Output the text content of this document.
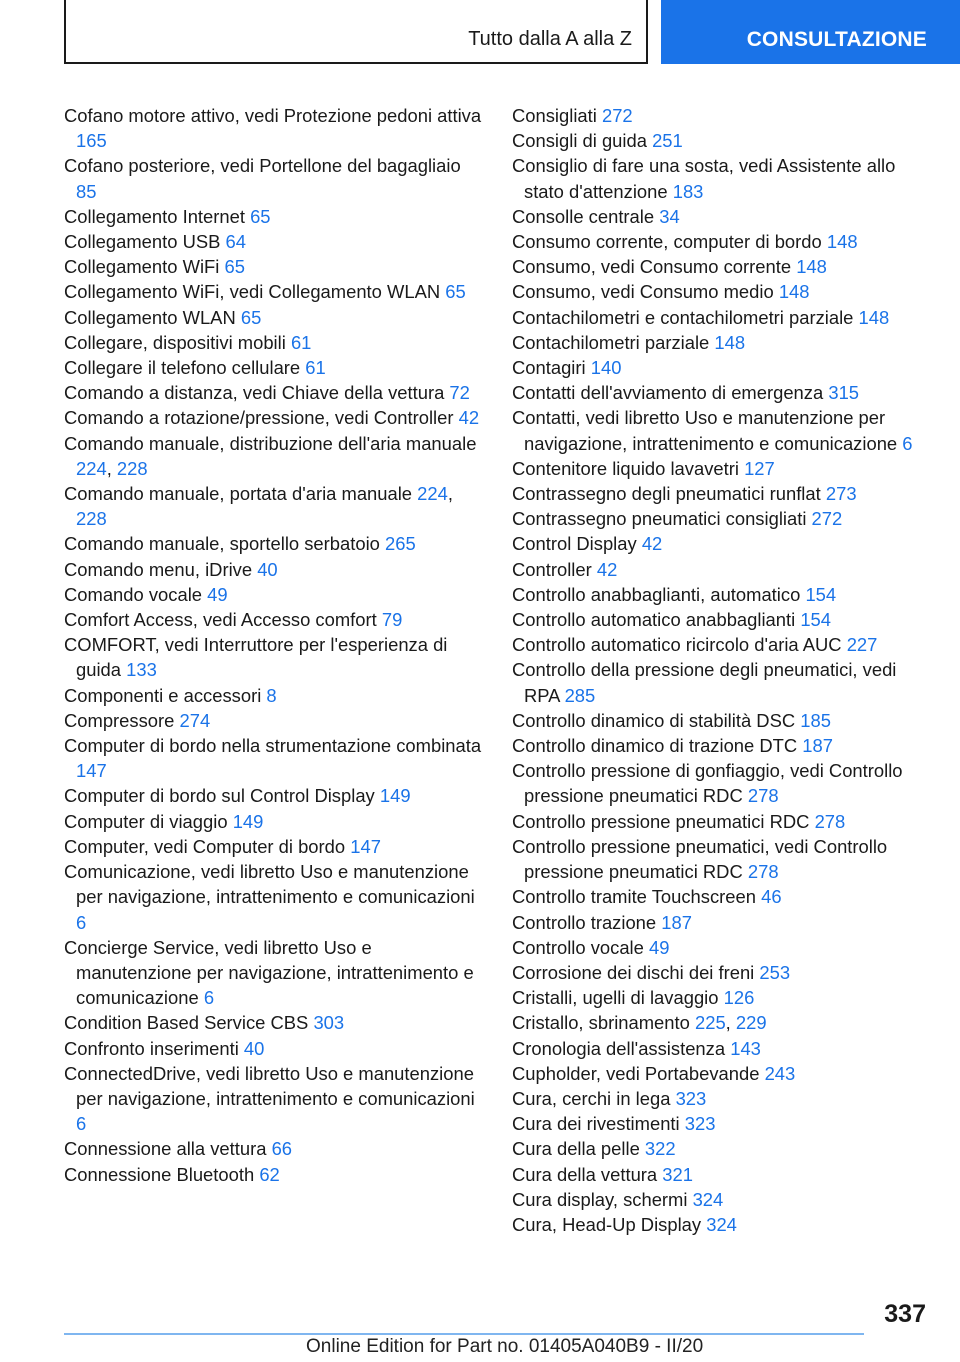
Tutto dalla A alla Z	CONSULTAZIONE
Cofano motore attivo, vedi Protezione pedoni attiva 165
Cofano posteriore, vedi Portellone del bagagliaio 85
Collegamento Internet 65
Collegamento USB 64
Collegamento WiFi 65
Collegamento WiFi, vedi Collegamento WLAN 65
Collegamento WLAN 65
Collegare, dispositivi mobili 61
Collegare il telefono cellulare 61
Comando a distanza, vedi Chiave della vettura 72
Comando a rotazione/pressione, vedi Controller 42
Comando manuale, distribuzione dell'aria manuale 224, 228
Comando manuale, portata d'aria manuale 224, 228
Comando manuale, sportello serbatoio 265
Comando menu, iDrive 40
Comando vocale 49
Comfort Access, vedi Accesso comfort 79
COMFORT, vedi Interruttore per l'esperienza di guida 133
Componenti e accessori 8
Compressore 274
Computer di bordo nella strumentazione combinata 147
Computer di bordo sul Control Display 149
Computer di viaggio 149
Computer, vedi Computer di bordo 147
Comunicazione, vedi libretto Uso e manutenzione per navigazione, intrattenimento e comunicazioni 6
Concierge Service, vedi libretto Uso e manutenzione per navigazione, intrattenimento e comunicazione 6
Condition Based Service CBS 303
Confronto inserimenti 40
ConnectedDrive, vedi libretto Uso e manutenzione per navigazione, intrattenimento e comunicazioni 6
Connessione alla vettura 66
Connessione Bluetooth 62
Consigliati 272
Consigli di guida 251
Consiglio di fare una sosta, vedi Assistente allo stato d'attenzione 183
Consolle centrale 34
Consumo corrente, computer di bordo 148
Consumo, vedi Consumo corrente 148
Consumo, vedi Consumo medio 148
Contachilometri e contachilometri parziale 148
Contachilometri parziale 148
Contagiri 140
Contatti dell'avviamento di emergenza 315
Contatti, vedi libretto Uso e manutenzione per navigazione, intrattenimento e comunicazione 6
Contenitore liquido lavavetri 127
Contrassegno degli pneumatici runflat 273
Contrassegno pneumatici consigliati 272
Control Display 42
Controller 42
Controllo anabbaglianti, automatico 154
Controllo automatico anabbaglianti 154
Controllo automatico ricircolo d'aria AUC 227
Controllo della pressione degli pneumatici, vedi RPA 285
Controllo dinamico di stabilità DSC 185
Controllo dinamico di trazione DTC 187
Controllo pressione di gonfiaggio, vedi Controllo pressione pneumatici RDC 278
Controllo pressione pneumatici RDC 278
Controllo pressione pneumatici, vedi Controllo pressione pneumatici RDC 278
Controllo tramite Touchscreen 46
Controllo trazione 187
Controllo vocale 49
Corrosione dei dischi dei freni 253
Cristalli, ugelli di lavaggio 126
Cristallo, sbrinamento 225, 229
Cronologia dell'assistenza 143
Cupholder, vedi Portabevande 243
Cura, cerchi in lega 323
Cura dei rivestimenti 323
Cura della pelle 322
Cura della vettura 321
Cura display, schermi 324
Cura, Head-Up Display 324
337
Online Edition for Part no. 01405A040B9 - II/20
